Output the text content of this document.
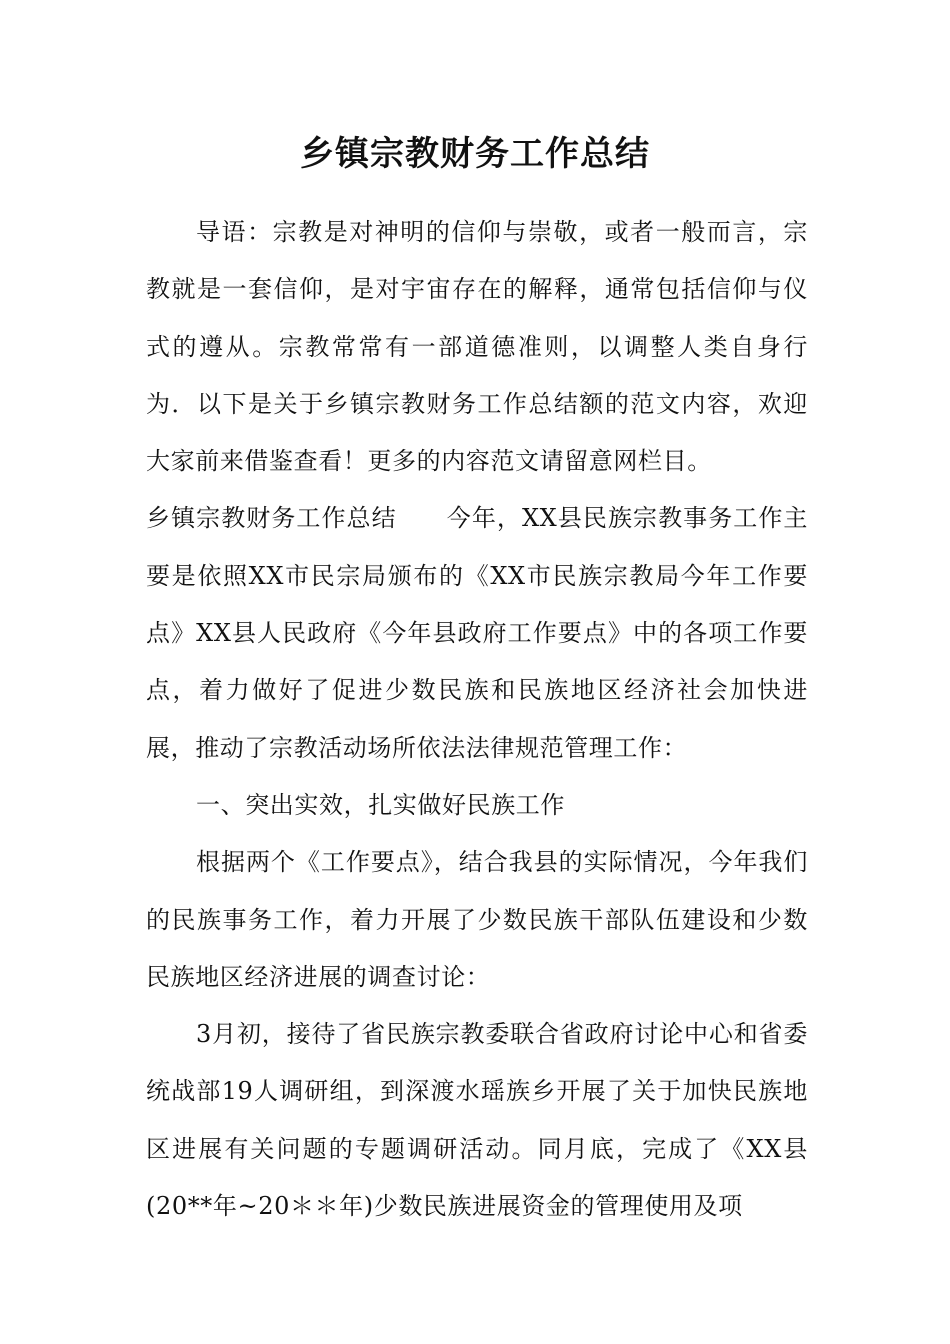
乡镇宗教财务工作总结

导语：宗教是对神明的信仰与崇敬，或者一般而言，宗教就是一套信仰，是对宇宙存在的解释，通常包括信仰与仪式的遵从。宗教常常有一部道德准则，以调整人类自身行为．以下是关于乡镇宗教财务工作总结额的范文内容，欢迎大家前来借鉴查看！更多的内容范文请留意网栏目。

乡镇宗教财务工作总结　　今年，XX县民族宗教事务工作主要是依照XX市民宗局颁布的《XX市民族宗教局今年工作要点》XX县人民政府《今年县政府工作要点》中的各项工作要点，着力做好了促进少数民族和民族地区经济社会加快进展，推动了宗教活动场所依法法律规范管理工作：

一、突出实效，扎实做好民族工作

根据两个《工作要点》，结合我县的实际情况，今年我们的民族事务工作，着力开展了少数民族干部队伍建设和少数民族地区经济进展的调查讨论：

3月初，接待了省民族宗教委联合省政府讨论中心和省委统战部19人调研组，到深渡水瑶族乡开展了关于加快民族地区进展有关问题的专题调研活动。同月底，完成了《XX县(20**年~20＊＊年)少数民族进展资金的管理使用及项
